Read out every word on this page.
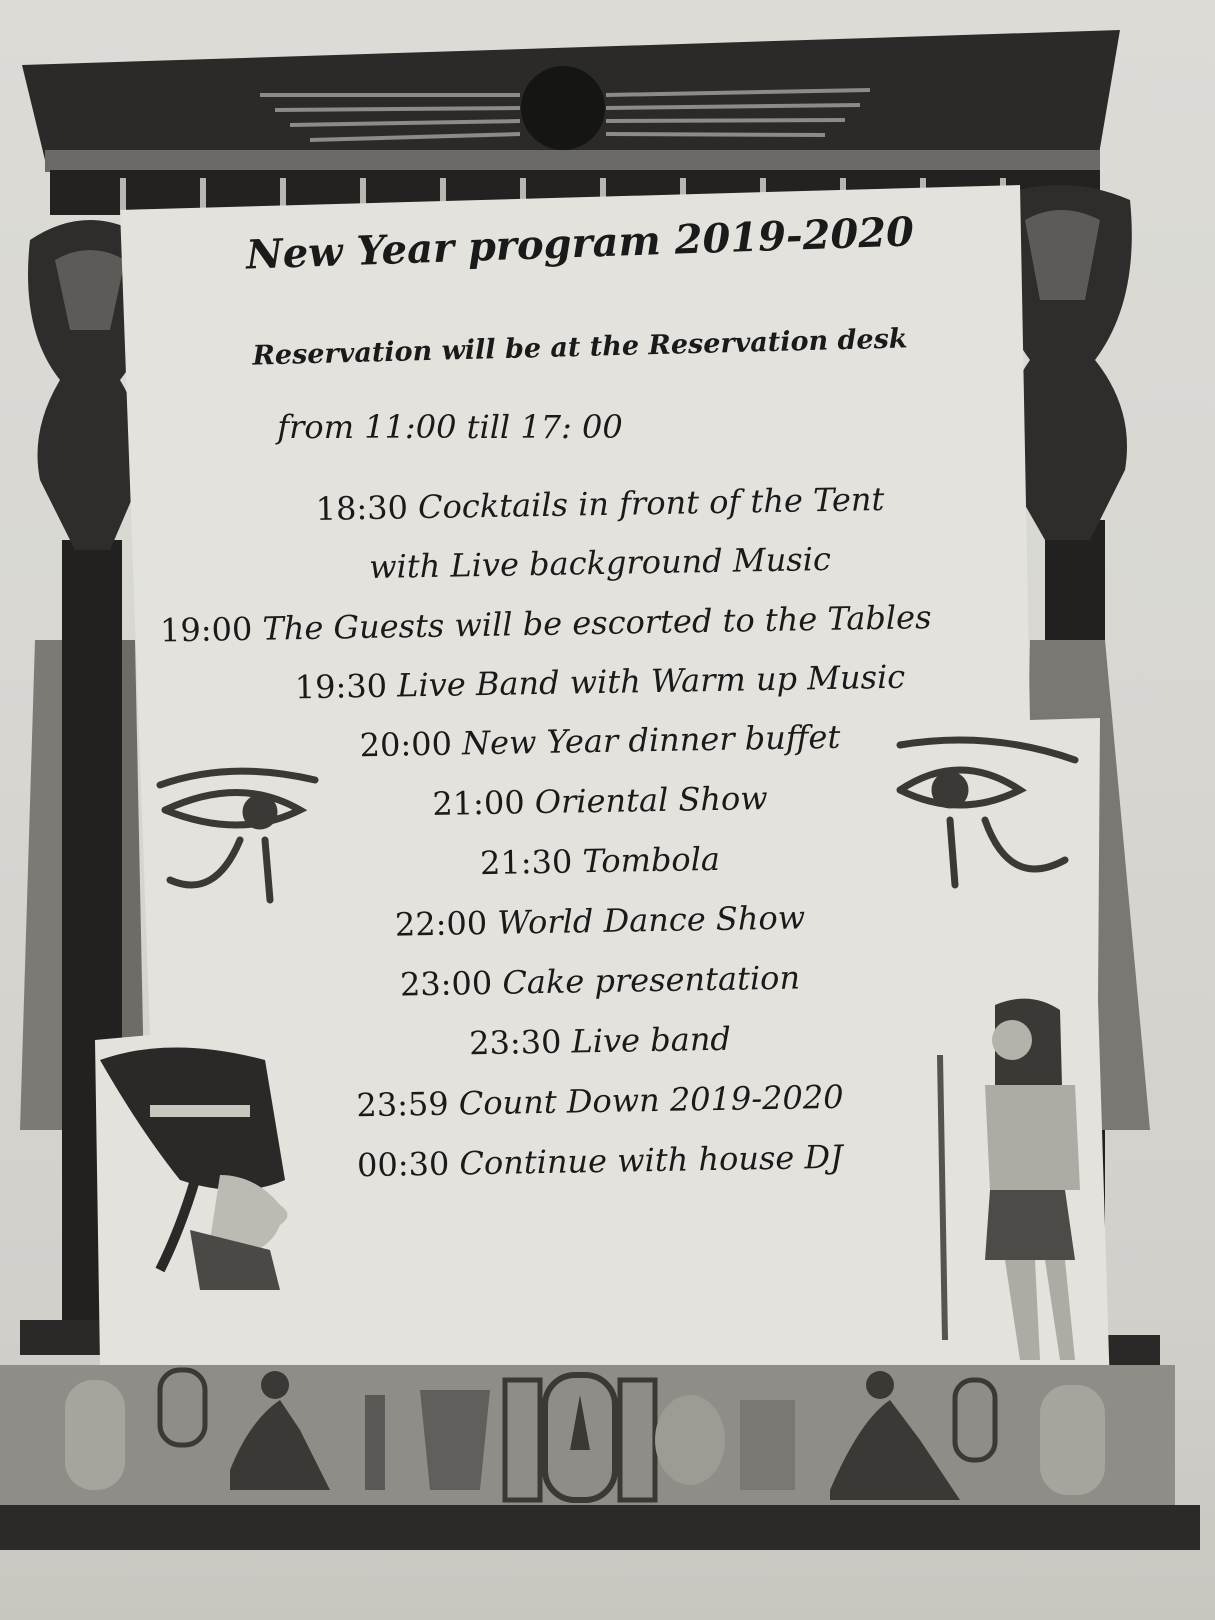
New Year program 2019-2020
Reservation will be at the Reservation desk
from 11:00 till 17: 00
18:30 Cocktails in front of the Tent
with Live background Music
19:00 The Guests will be escorted to the Tables
19:30 Live Band with Warm up Music
20:00 New Year dinner buffet
21:00 Oriental Show
21:30 Tombola
22:00 World Dance Show
23:00 Cake presentation
23:30 Live band
23:59 Count Down 2019-2020
00:30 Continue with house DJ
